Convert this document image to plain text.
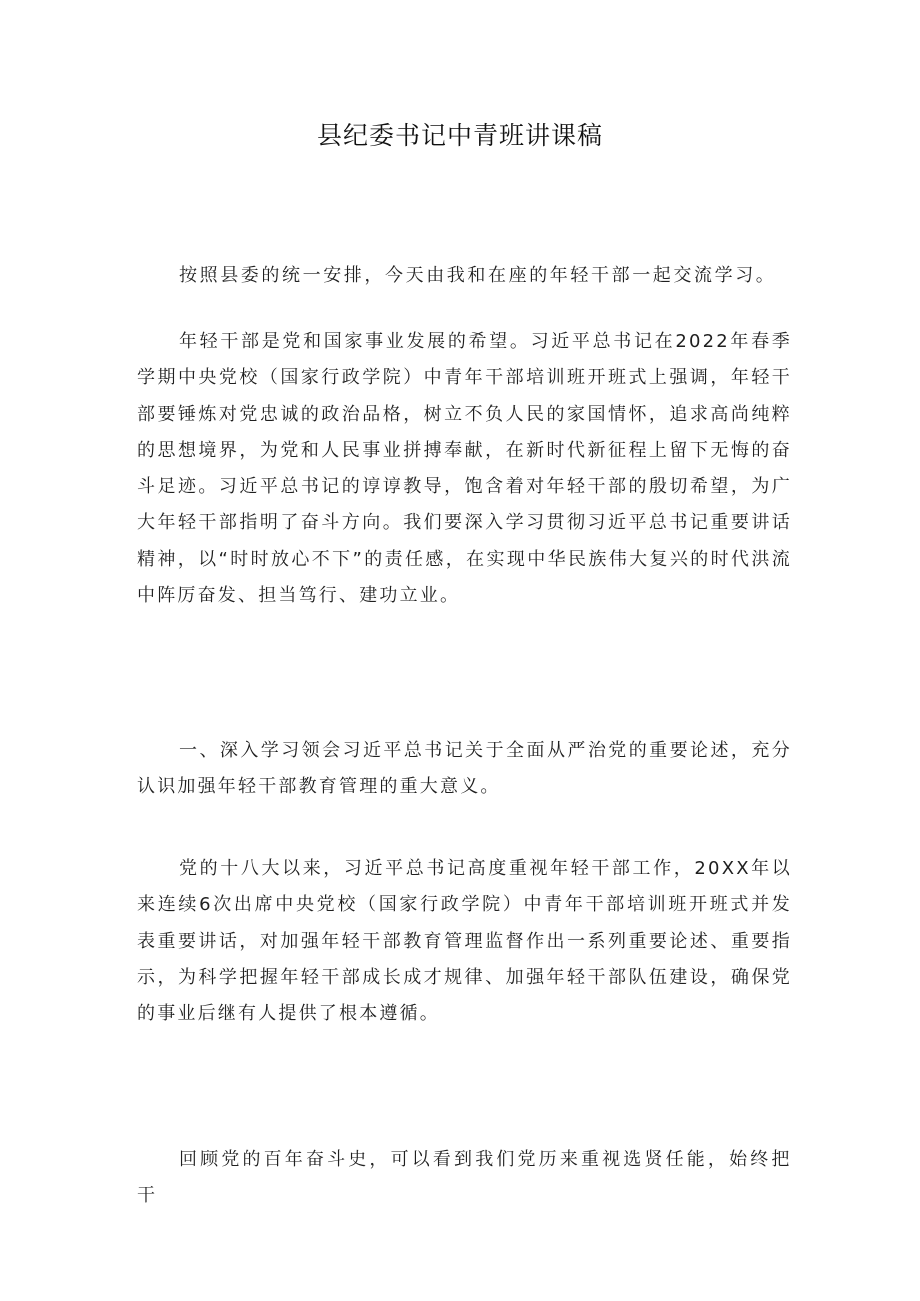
县纪委书记中青班讲课稿

按照县委的统一安排，今天由我和在座的年轻干部一起交流学习。

年轻干部是党和国家事业发展的希望。习近平总书记在2022年春季学期中央党校（国家行政学院）中青年干部培训班开班式上强调，年轻干部要锤炼对党忠诚的政治品格，树立不负人民的家国情怀，追求高尚纯粹的思想境界，为党和人民事业拼搏奉献，在新时代新征程上留下无悔的奋斗足迹。习近平总书记的谆谆教导，饱含着对年轻干部的殷切希望，为广大年轻干部指明了奋斗方向。我们要深入学习贯彻习近平总书记重要讲话精神，以“时时放心不下”的责任感，在实现中华民族伟大复兴的时代洪流中阵厉奋发、担当笃行、建功立业。

一、深入学习领会习近平总书记关于全面从严治党的重要论述，充分认识加强年轻干部教育管理的重大意义。

党的十八大以来，习近平总书记高度重视年轻干部工作，20XX年以来连续6次出席中央党校（国家行政学院）中青年干部培训班开班式并发表重要讲话，对加强年轻干部教育管理监督作出一系列重要论述、重要指示，为科学把握年轻干部成长成才规律、加强年轻干部队伍建设，确保党的事业后继有人提供了根本遵循。

回顾党的百年奋斗史，可以看到我们党历来重视选贤任能，始终把干
